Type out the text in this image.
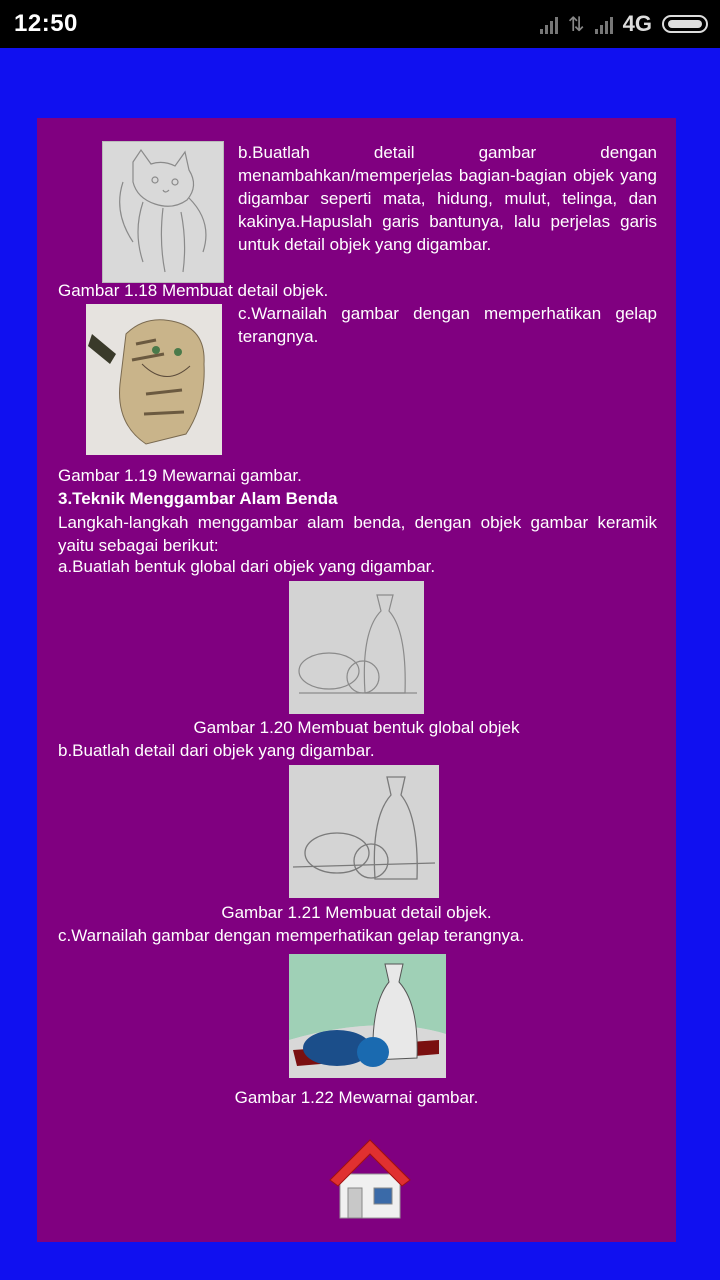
12:50	⇅ 4G
b.Buatlah detail gambar dengan menambahkan/memperjelas bagian-bagian objek yang digambar seperti mata, hidung, mulut, telinga, dan kakinya.Hapuslah garis bantunya, lalu perjelas garis untuk detail objek yang digambar.
Gambar 1.18 Membuat detail objek.
c.Warnailah gambar dengan memperhatikan gelap terangnya.
Gambar 1.19 Mewarnai gambar.
3.Teknik Menggambar Alam Benda
Langkah-langkah menggambar alam benda, dengan objek gambar keramik yaitu sebagai berikut:
a.Buatlah bentuk global dari objek yang digambar.
Gambar 1.20 Membuat bentuk global objek
b.Buatlah detail dari objek yang digambar.
Gambar 1.21 Membuat detail objek.
c.Warnailah gambar dengan memperhatikan gelap terangnya.
Gambar 1.22 Mewarnai gambar.
